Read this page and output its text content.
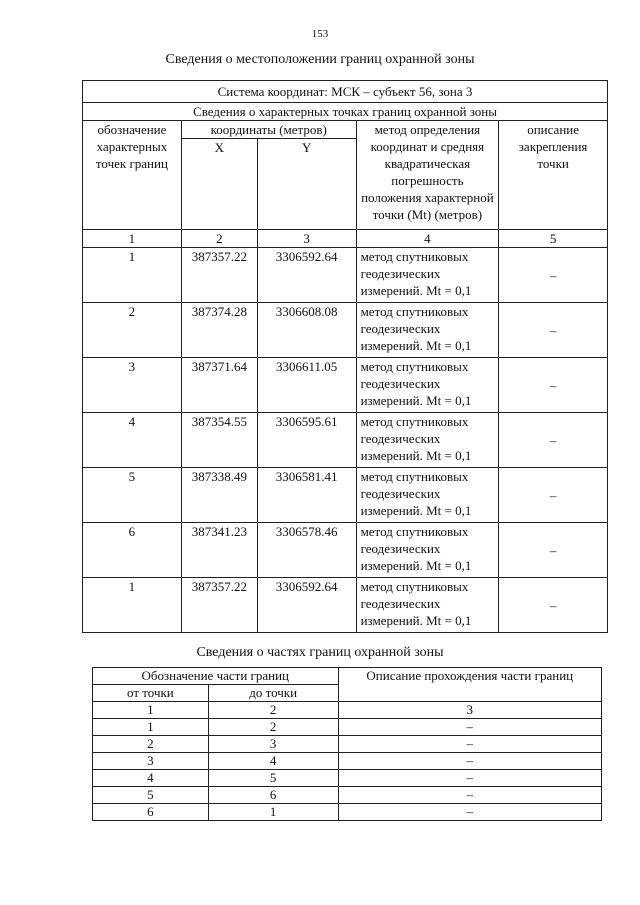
153
Сведения о местоположении границ охранной зоны
Система координат: МСК – субъект 56, зона 3				
Сведения о характерных точках границ охранной зоны				
обозначение характерных точек границ	координаты (метров)		метод определения координат и средняя квадратическая погрешность положения характерной точки (Mt) (метров)	описание закрепления точки
	X	Y		
1	2	3	4	5
1	387357.22	3306592.64	метод спутниковых геодезических измерений. Mt = 0,1	–
2	387374.28	3306608.08	метод спутниковых геодезических измерений. Mt = 0,1	–
3	387371.64	3306611.05	метод спутниковых геодезических измерений. Mt = 0,1	–
4	387354.55	3306595.61	метод спутниковых геодезических измерений. Mt = 0,1	–
5	387338.49	3306581.41	метод спутниковых геодезических измерений. Mt = 0,1	–
6	387341.23	3306578.46	метод спутниковых геодезических измерений. Mt = 0,1	–
1	387357.22	3306592.64	метод спутниковых геодезических измерений. Mt = 0,1	–
Сведения о частях границ охранной зоны
Обозначение части границ		Описание прохождения части границ
от точки	до точки	
1	2	3
1	2	–
2	3	–
3	4	–
4	5	–
5	6	–
6	1	–
